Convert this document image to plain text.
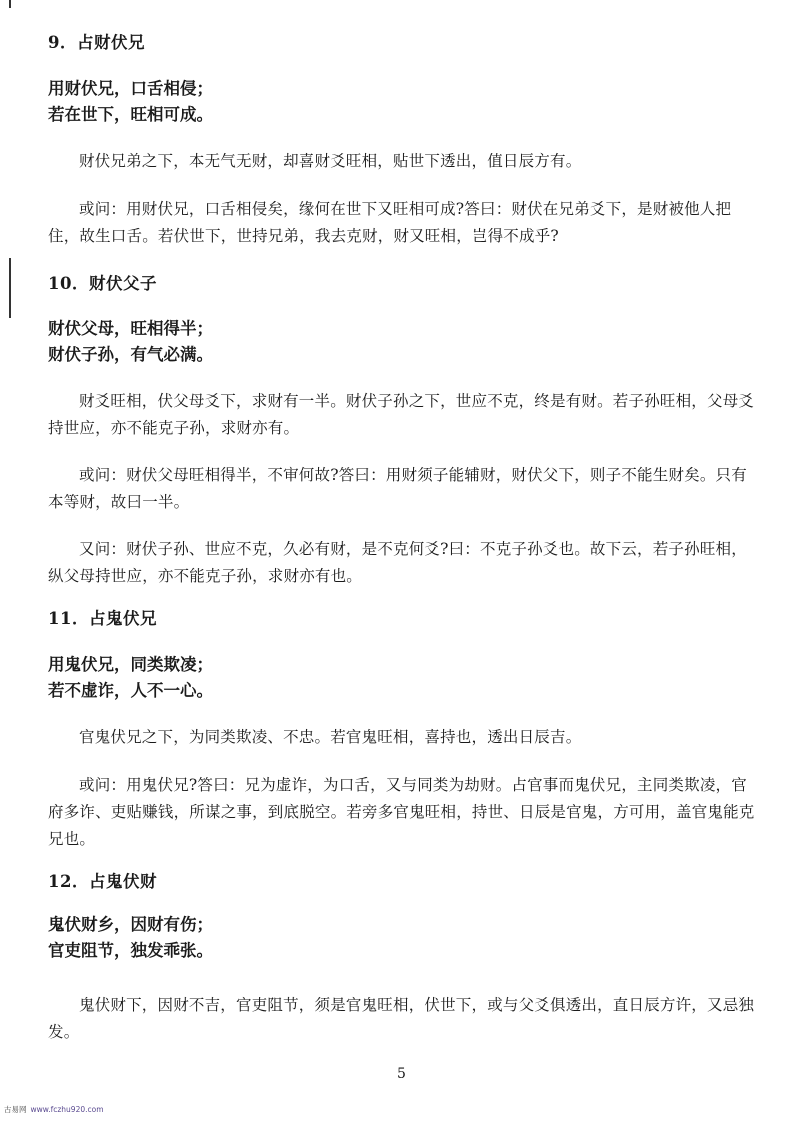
9．占财伏兄
用财伏兄，口舌相侵；
若在世下，旺相可成。
财伏兄弟之下，本无气无财，却喜财爻旺相，贴世下透出，值日辰方有。
或问：用财伏兄，口舌相侵矣，缘何在世下又旺相可成?答曰：财伏在兄弟爻下，是财被他人把住，故生口舌。若伏世下，世持兄弟，我去克财，财又旺相，岂得不成乎?
10．财伏父子
财伏父母，旺相得半；
财伏子孙，有气必满。
财爻旺相，伏父母爻下，求财有一半。财伏子孙之下，世应不克，终是有财。若子孙旺相，父母爻持世应，亦不能克子孙，求财亦有。
或问：财伏父母旺相得半，不审何故?答曰：用财须子能辅财，财伏父下，则子不能生财矣。只有本等财，故曰一半。
又问：财伏子孙、世应不克，久必有财，是不克何爻?曰：不克子孙爻也。故下云，若子孙旺相，纵父母持世应，亦不能克子孙，求财亦有也。
11．占鬼伏兄
用鬼伏兄，同类欺凌；
若不虚诈，人不一心。
官鬼伏兄之下，为同类欺凌、不忠。若官鬼旺相，喜持也，透出日辰吉。
或问：用鬼伏兄?答曰：兄为虚诈，为口舌，又与同类为劫财。占官事而鬼伏兄，主同类欺凌，官府多诈、吏贴赚钱，所谋之事，到底脱空。若旁多官鬼旺相，持世、日辰是官鬼，方可用，盖官鬼能克兄也。
12．占鬼伏财
鬼伏财乡，因财有伤；
官吏阻节，独发乖张。
鬼伏财下，因财不吉，官吏阻节，须是官鬼旺相，伏世下，或与父爻俱透出，直日辰方许，又忌独发。
5
古易网 www.fczhu920.com
